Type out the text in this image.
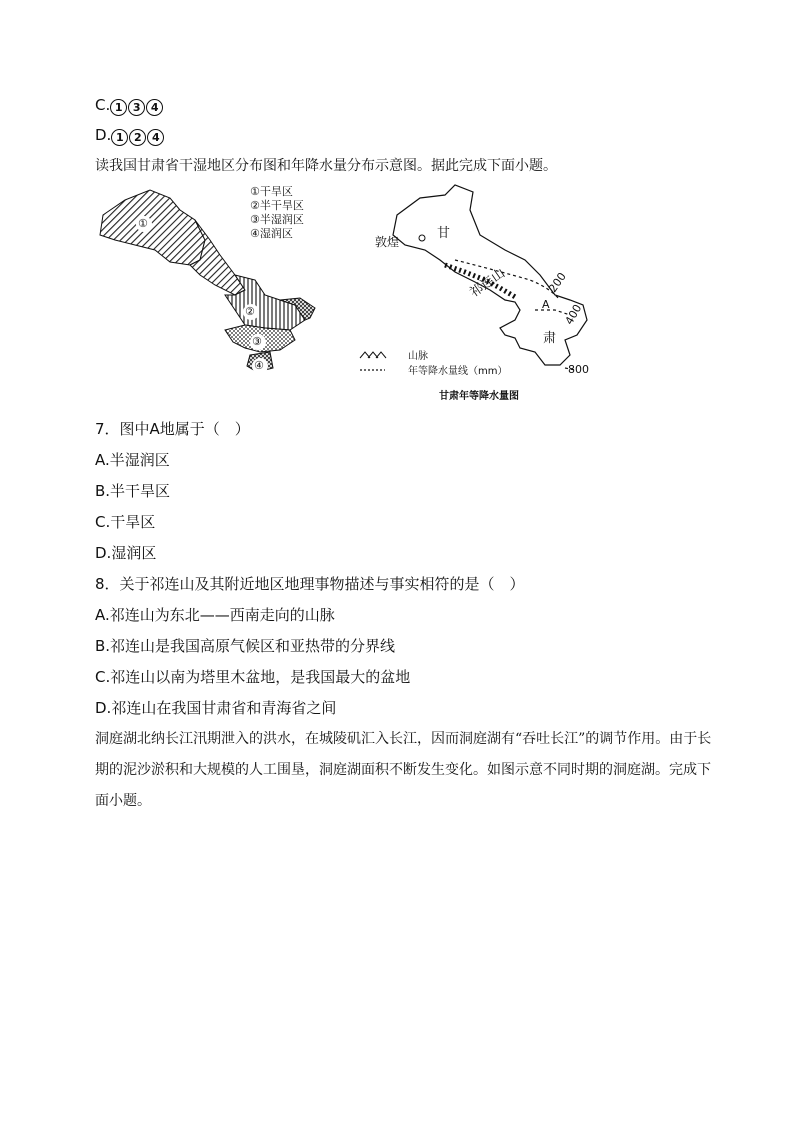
C. 1 3 4
D. 1 2 4
读我国甘肃省干湿地区分布图和年降水量分布示意图。据此完成下面小题。
①
②
③
④
①干旱区
②半干旱区
③半湿润区
④湿润区
敦煌
甘
200
祁连山
A 400
肃
800
山脉
年等降水量线（mm）
甘肃年等降水量图
7．图中A地属于（　）
A.半湿润区
B.半干旱区
C.干旱区
D.湿润区
8．关于祁连山及其附近地区地理事物描述与事实相符的是（　）
A.祁连山为东北——西南走向的山脉
B.祁连山是我国高原气候区和亚热带的分界线
C.祁连山以南为塔里木盆地，是我国最大的盆地
D.祁连山在我国甘肃省和青海省之间
洞庭湖北纳长江汛期泄入的洪水，在城陵矶汇入长江，因而洞庭湖有“吞吐长江”的调节作用。由于长期的泥沙淤积和大规模的人工围垦，洞庭湖面积不断发生变化。如图示意不同时期的洞庭湖。完成下面小题。
